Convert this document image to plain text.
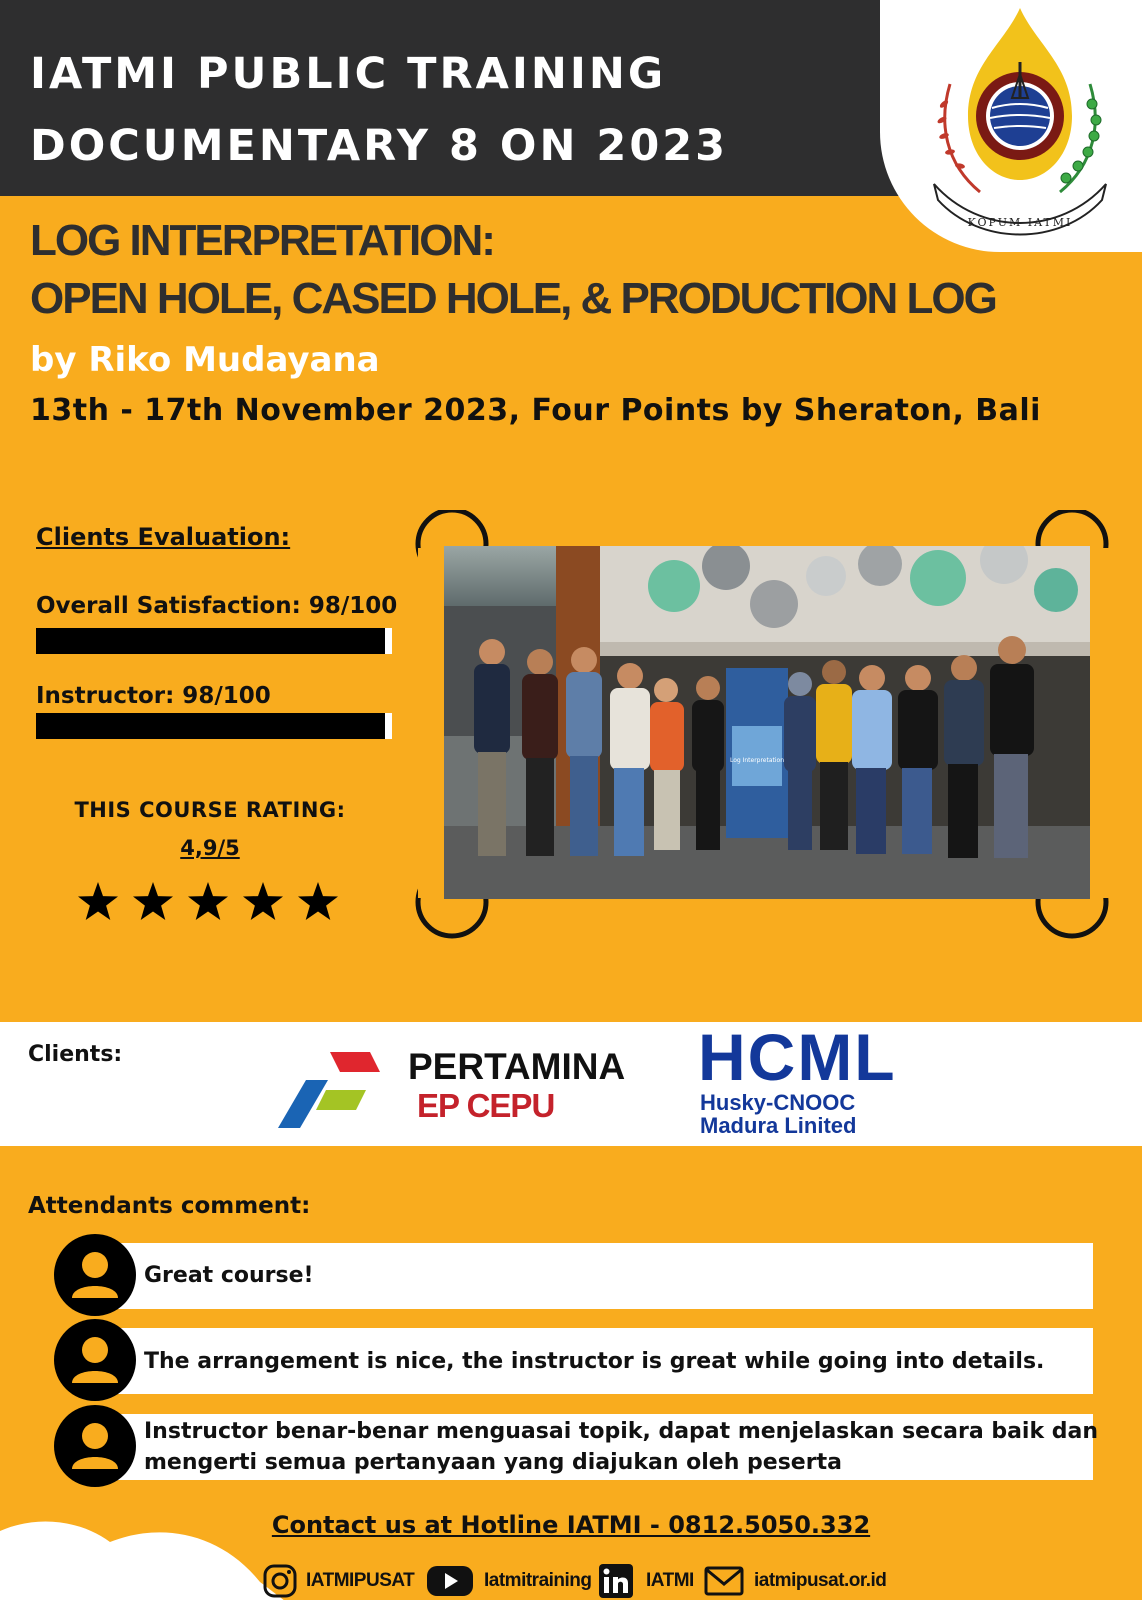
IATMI PUBLIC TRAINING
DOCUMENTARY 8 ON 2023
KOPUM IATMI
LOG INTERPRETATION:
OPEN HOLE, CASED HOLE, & PRODUCTION LOG
by Riko Mudayana
13th - 17th November 2023, Four Points by Sheraton, Bali
Clients Evaluation:
Overall Satisfaction: 98/100
Instructor: 98/100
THIS COURSE RATING:
4,9/5
Log Interpretation
Clients:	PERTAMINA
EP CEPU
HCML
Husky-CNOOC
Madura Linited
Attendants comment:
Great course!
The arrangement is nice, the instructor is great while going into details.
Instructor benar-benar menguasai topik, dapat menjelaskan secara baik dan
mengerti semua pertanyaan yang diajukan oleh peserta
Contact us at Hotline IATMI - 0812.5050.332
IATMIPUSAT	Iatmitraining	IATMI	iatmipusat.or.id
